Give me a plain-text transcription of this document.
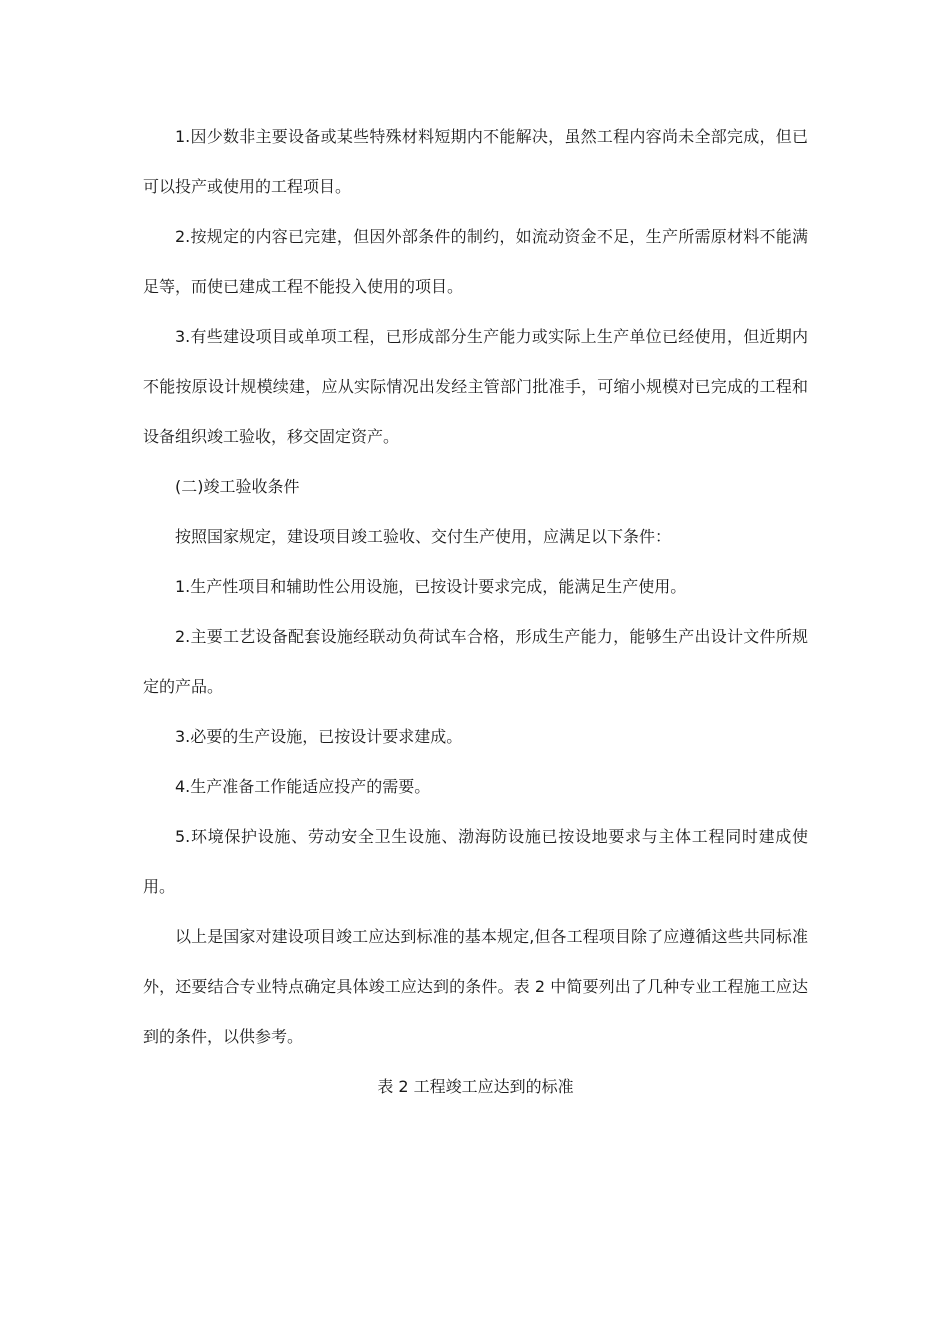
1.因少数非主要设备或某些特殊材料短期内不能解决，虽然工程内容尚未全部完成，但已可以投产或使用的工程项目。

2.按规定的内容已完建，但因外部条件的制约，如流动资金不足，生产所需原材料不能满足等，而使已建成工程不能投入使用的项目。

3.有些建设项目或单项工程，已形成部分生产能力或实际上生产单位已经使用，但近期内不能按原设计规模续建，应从实际情况出发经主管部门批准手，可缩小规模对已完成的工程和设备组织竣工验收，移交固定资产。

(二)竣工验收条件

按照国家规定，建设项目竣工验收、交付生产使用，应满足以下条件：

1.生产性项目和辅助性公用设施，已按设计要求完成，能满足生产使用。

2.主要工艺设备配套设施经联动负荷试车合格，形成生产能力，能够生产出设计文件所规定的产品。

3.必要的生产设施，已按设计要求建成。

4.生产准备工作能适应投产的需要。

5.环境保护设施、劳动安全卫生设施、渤海防设施已按设地要求与主体工程同时建成使用。

以上是国家对建设项目竣工应达到标准的基本规定,但各工程项目除了应遵循这些共同标准外，还要结合专业特点确定具体竣工应达到的条件。表 2 中简要列出了几种专业工程施工应达到的条件，以供参考。

表 2 工程竣工应达到的标准
